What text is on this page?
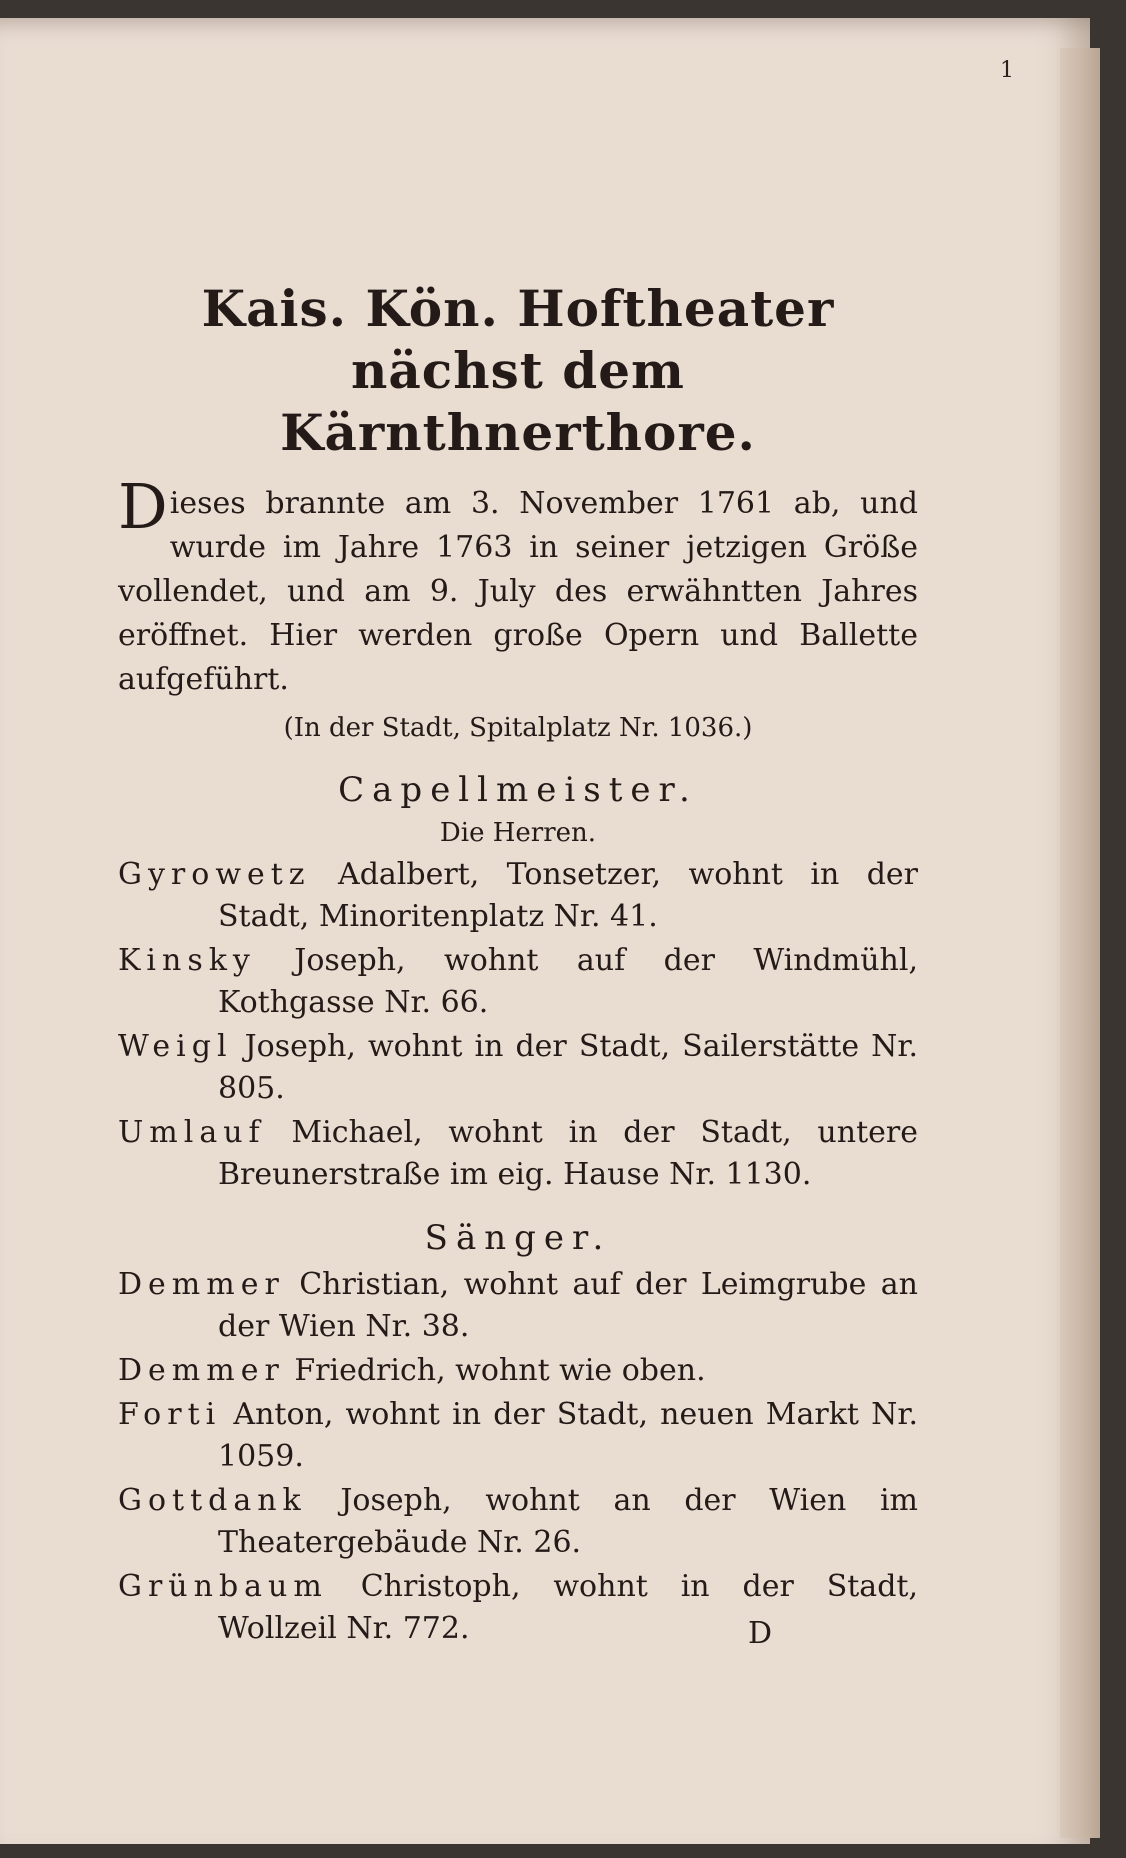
1
Kais. Kön. Hoftheater nächst dem
Kärnthnerthore.
Dieses brannte am 3. November 1761 ab, und wurde im Jahre 1763 in seiner jetzigen Größe vollendet, und am 9. July des erwähntten Jahres eröffnet. Hier werden große Opern und Ballette aufgeführt.
(In der Stadt, Spitalplatz Nr. 1036.)
Capellmeister.
Die Herren.
Gyrowetz Adalbert, Tonsetzer, wohnt in der Stadt, Minoritenplatz Nr. 41.
Kinsky Joseph, wohnt auf der Windmühl, Kothgasse Nr. 66.
Weigl Joseph, wohnt in der Stadt, Sailerstätte Nr. 805.
Umlauf Michael, wohnt in der Stadt, untere Breunerstraße im eig. Hause Nr. 1130.
Sänger.
Demmer Christian, wohnt auf der Leimgrube an der Wien Nr. 38.
Demmer Friedrich, wohnt wie oben.
Forti Anton, wohnt in der Stadt, neuen Markt Nr. 1059.
Gottdank Joseph, wohnt an der Wien im Theatergebäude Nr. 26.
Grünbaum Christoph, wohnt in der Stadt, Wollzeil Nr. 772.	D
